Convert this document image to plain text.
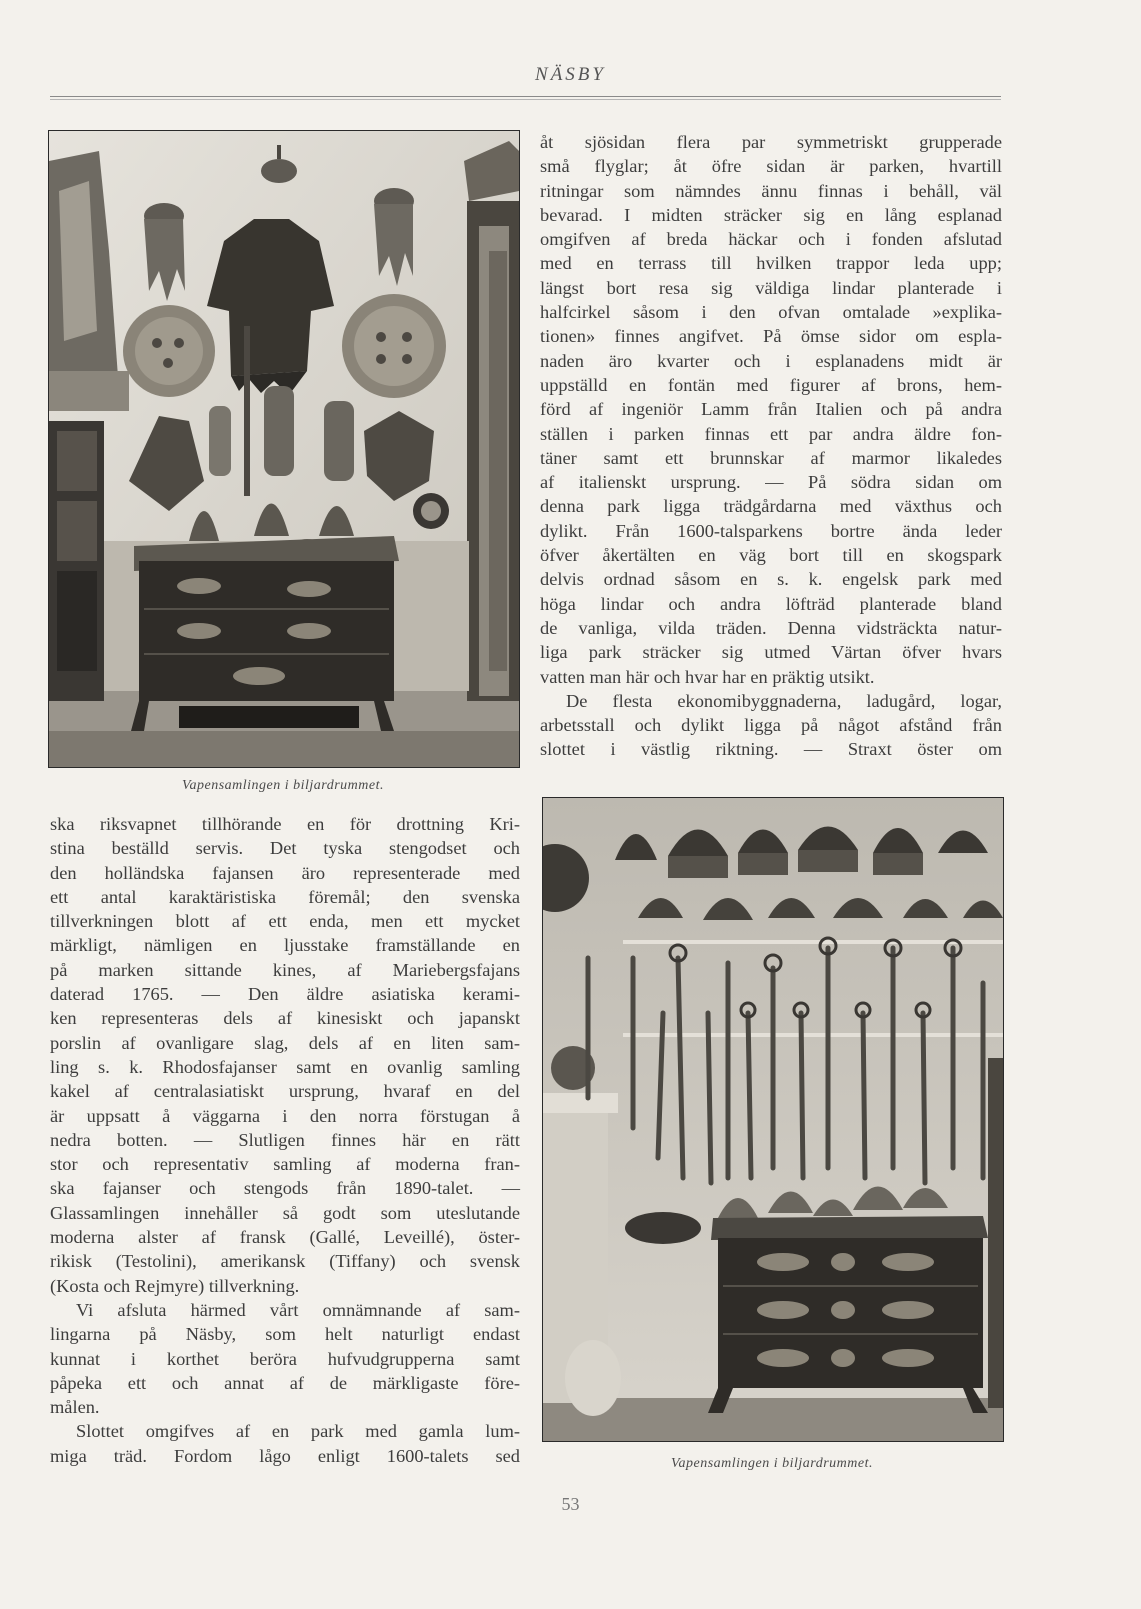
NÄSBY
Vapensamlingen i biljardrummet.

åt sjösidan flera par symmetriskt grupperade

små flyglar; åt öfre sidan är parken, hvartill

ritningar som nämndes ännu finnas i behåll, väl

bevarad. I midten sträcker sig en lång esplanad

omgifven af breda häckar och i fonden afslutad

med en terrass till hvilken trappor leda upp;

längst bort resa sig väldiga lindar planterade i

halfcirkel såsom i den ofvan omtalade »explika-

tionen» finnes angifvet. På ömse sidor om espla-

naden äro kvarter och i esplanadens midt är

uppställd en fontän med figurer af brons, hem-

förd af ingeniör Lamm från Italien och på andra

ställen i parken finnas ett par andra äldre fon-

täner samt ett brunnskar af marmor likaledes

af italienskt ursprung. — På södra sidan om

denna park ligga trädgårdarna med växthus och

dylikt. Från 1600-talsparkens bortre ända leder

öfver åkertälten en väg bort till en skogspark

delvis ordnad såsom en s. k. engelsk park med

höga lindar och andra löfträd planterade bland

de vanliga, vilda träden. Denna vidsträckta natur-

liga park sträcker sig utmed Värtan öfver hvars

vatten man här och hvar har en präktig utsikt.

De flesta ekonomibyggnaderna, ladugård, logar,

arbetsstall och dylikt ligga på något afstånd från

slottet i västlig riktning. — Straxt öster om

ska riksvapnet tillhörande en för drottning Kri-

stina beställd servis. Det tyska stengodset och

den holländska fajansen äro representerade med

ett antal karaktäristiska föremål; den svenska

tillverkningen blott af ett enda, men ett mycket

märkligt, nämligen en ljusstake framställande en

på marken sittande kines, af Mariebergsfajans

daterad 1765. — Den äldre asiatiska kerami-

ken representeras dels af kinesiskt och japanskt

porslin af ovanligare slag, dels af en liten sam-

ling s. k. Rhodosfajanser samt en ovanlig samling

kakel af centralasiatiskt ursprung, hvaraf en del

är uppsatt å väggarna i den norra förstugan å

nedra botten. — Slutligen finnes här en rätt

stor och representativ samling af moderna fran-

ska fajanser och stengods från 1890-talet. —

Glassamlingen innehåller så godt som uteslutande

moderna alster af fransk (Gallé, Leveillé), öster-

rikisk (Testolini), amerikansk (Tiffany) och svensk

(Kosta och Rejmyre) tillverkning.

Vi afsluta härmed vårt omnämnande af sam-

lingarna på Näsby, som helt naturligt endast

kunnat i korthet beröra hufvudgrupperna samt

påpeka ett och annat af de märkligaste före-

målen.

Slottet omgifves af en park med gamla lum-

miga träd. Fordom lågo enligt 1600-talets sed	Vapensamlingen i biljardrummet.
53
